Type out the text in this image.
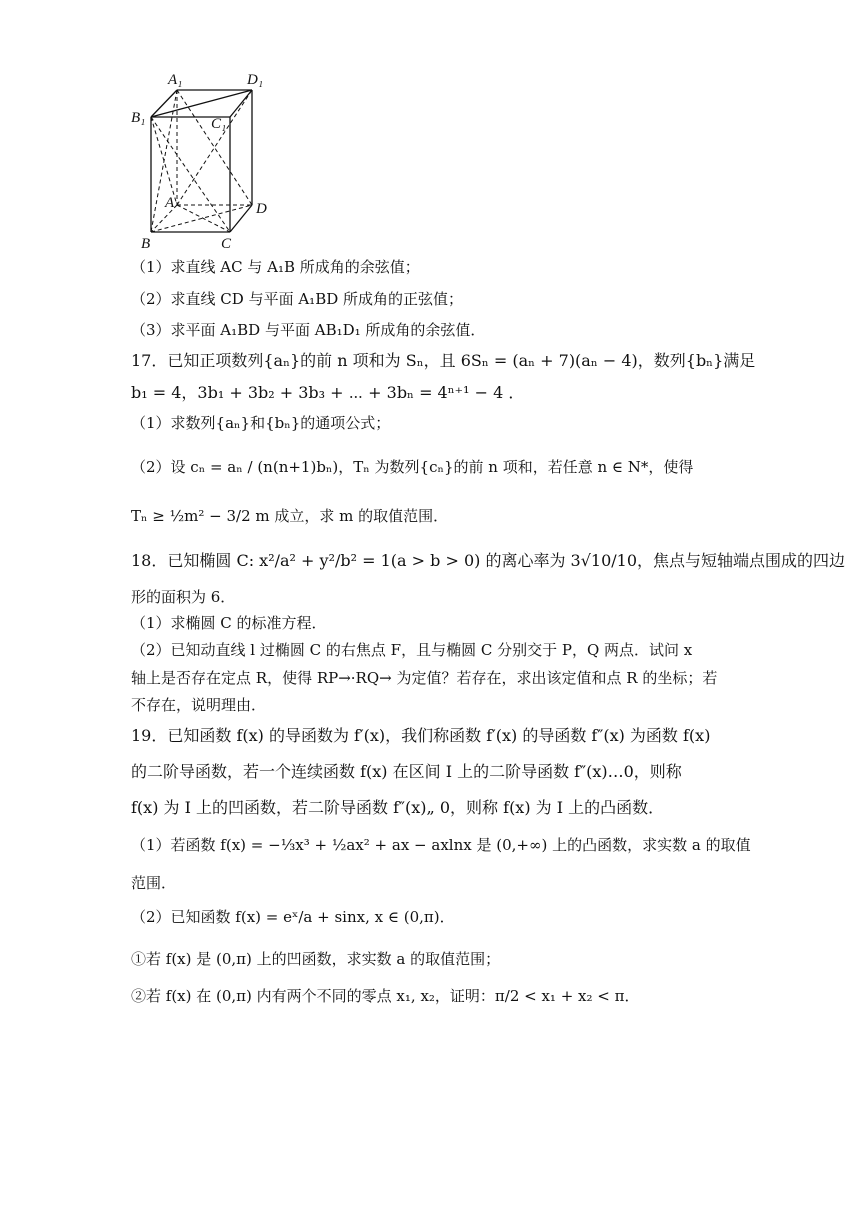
A₁	D₁
B₁	C₁
A	D
B	C
（1）求直线 AC 与 A₁B 所成角的余弦值；
（2）求直线 CD 与平面 A₁BD 所成角的正弦值；
（3）求平面 A₁BD 与平面 AB₁D₁ 所成角的余弦值．
17．已知正项数列{aₙ}的前 n 项和为 Sₙ，且 6Sₙ = (aₙ + 7)(aₙ − 4)，数列{bₙ}满足
b₁ = 4，3b₁ + 3b₂ + 3b₃ + ⋯ + 3bₙ = 4ⁿ⁺¹ − 4 ．
（1）求数列{aₙ}和{bₙ}的通项公式；
（2）设 cₙ = aₙ / (n(n+1)bₙ)，Tₙ 为数列{cₙ}的前 n 项和，若任意 n ∈ N*，使得
Tₙ ≥ ½m² − 3/2 m 成立，求 m 的取值范围．
18．已知椭圆 C: x²/a² + y²/b² = 1(a > b > 0) 的离心率为 3√10/10，焦点与短轴端点围成的四边
形的面积为 6．
（1）求椭圆 C 的标准方程．
（2）已知动直线 l 过椭圆 C 的右焦点 F，且与椭圆 C 分别交于 P，Q 两点．试问 x
轴上是否存在定点 R，使得 RP→·RQ→ 为定值？若存在，求出该定值和点 R 的坐标；若
不存在，说明理由．
19．已知函数 f(x) 的导函数为 f′(x)，我们称函数 f′(x) 的导函数 f″(x) 为函数 f(x)
的二阶导函数，若一个连续函数 f(x) 在区间 I 上的二阶导函数 f″(x)…0，则称
f(x) 为 I 上的凹函数，若二阶导函数 f″(x)„ 0，则称 f(x) 为 I 上的凸函数．
（1）若函数 f(x) = −⅓x³ + ½ax² + ax − axlnx 是 (0,+∞) 上的凸函数，求实数 a 的取值
范围．
（2）已知函数 f(x) = eˣ/a + sinx, x ∈ (0,π)．
①若 f(x) 是 (0,π) 上的凹函数，求实数 a 的取值范围；
②若 f(x) 在 (0,π) 内有两个不同的零点 x₁, x₂，证明：π/2 < x₁ + x₂ < π．
